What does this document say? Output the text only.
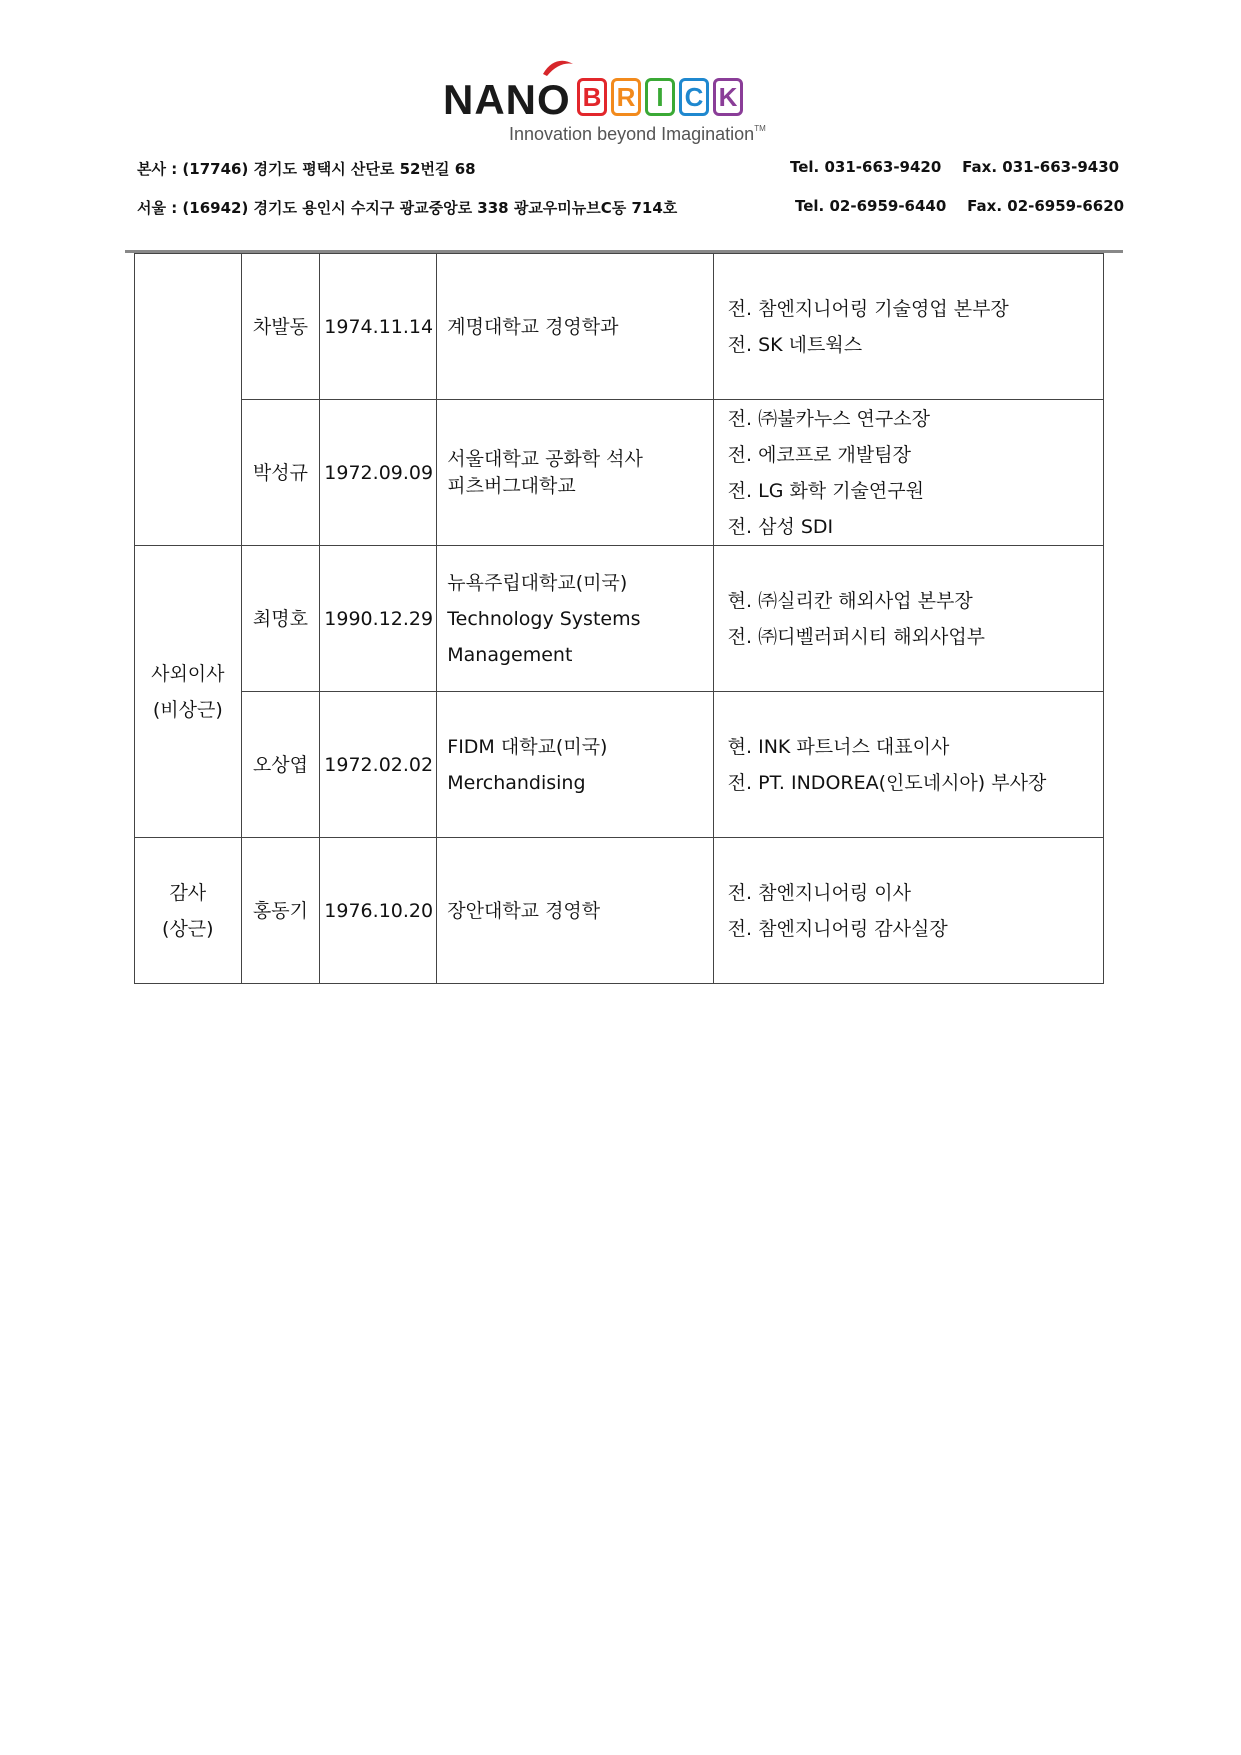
NANO B R I C K
Innovation beyond Imagination™
본사 : (17746) 경기도 평택시 산단로 52번길 68	Tel. 031-663-9420    Fax. 031-663-9430
서울 : (16942) 경기도 용인시 수지구 광교중앙로 338 광교우미뉴브C동 714호	Tel. 02-6959-6440    Fax. 02-6959-6620
	차발동	1974.11.14	계명대학교 경영학과	전. 참엔지니어링 기술영업 본부장
전. SK 네트웍스

	박성규	1972.09.09	서울대학교 공화학 석사
피츠버그대학교	전. ㈜불카누스 연구소장
전. 에코프로 개발팀장
전. LG 화학 기술연구원
전. 삼성 SDI

사외이사
(비상근)	최명호	1990.12.29	뉴욕주립대학교(미국)
Technology Systems
Management	현. ㈜실리칸 해외사업 본부장
전. ㈜디벨러퍼시티 해외사업부

	오상엽	1972.02.02	FIDM 대학교(미국)
Merchandising	현. INK 파트너스 대표이사
전. PT. INDOREA(인도네시아) 부사장

감사
(상근)	홍동기	1976.10.20	장안대학교 경영학	전. 참엔지니어링 이사
전. 참엔지니어링 감사실장
